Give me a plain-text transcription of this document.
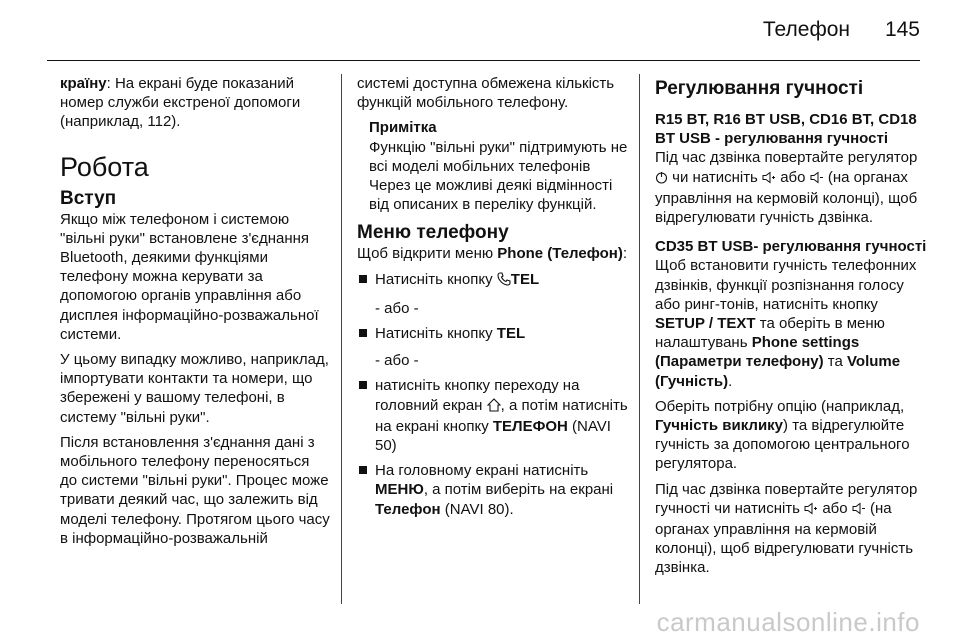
Телефон 145

країну: На екрані буде показаний номер служби екстреної допомоги (наприклад, 112).

Робота
Вступ

Якщо між телефоном і системою "вільні руки" встановлене з'єднання Bluetooth, деякими функціями телефону можна керувати за допомогою органів управління або дисплея інформаційно-розважальної системи.

У цьому випадку можливо, наприклад, імпортувати контакти та номери, що збережені у вашому телефоні, в систему "вільні руки".

Після встановлення з'єднання дані з мобільного телефону переносяться до системи "вільні руки". Процес може тривати деякий час, що залежить від моделі телефону. Протягом цього часу в інформаційно-розважальній

системі доступна обмежена кількість функцій мобільного телефону.

Примітка
Функцію "вільні руки" підтримують не всі моделі мобільних телефонів Через це можливі деякі відмінності від описаних в переліку функцій.
Меню телефону

Щоб відкрити меню Phone (Телефон):

Натисніть кнопку TEL
- або -
Натисніть кнопку TEL
- або -
натисніть кнопку переходу на головний екран , а потім натисніть на екрані кнопку ТЕЛЕФОН (NAVI 50)
На головному екрані натисніть МЕНЮ, а потім виберіть на екрані Телефон (NAVI 80).
Регулювання гучності
R15 BT, R16 BT USB, CD16 BT, CD18 BT USB - регулювання гучності

Під час дзвінка повертайте регулятор  чи натисніть  або  (на органах управління на кермовій колонці), щоб відрегулювати гучність дзвінка.

CD35 BT USB- регулювання гучності

Щоб встановити гучність телефонних дзвінків, функції розпізнання голосу або ринг-тонів, натисніть кнопку SETUP / TEXT та оберіть в меню налаштувань Phone settings (Параметри телефону) та Volume (Гучність).

Оберіть потрібну опцію (наприклад, Гучність виклику) та відрегулюйте гучність за допомогою центрального регулятора.

Під час дзвінка повертайте регулятор гучності чи натисніть  або  (на органах управління на кермовій колонці), щоб відрегулювати гучність дзвінка.

carmanualsonline.info
